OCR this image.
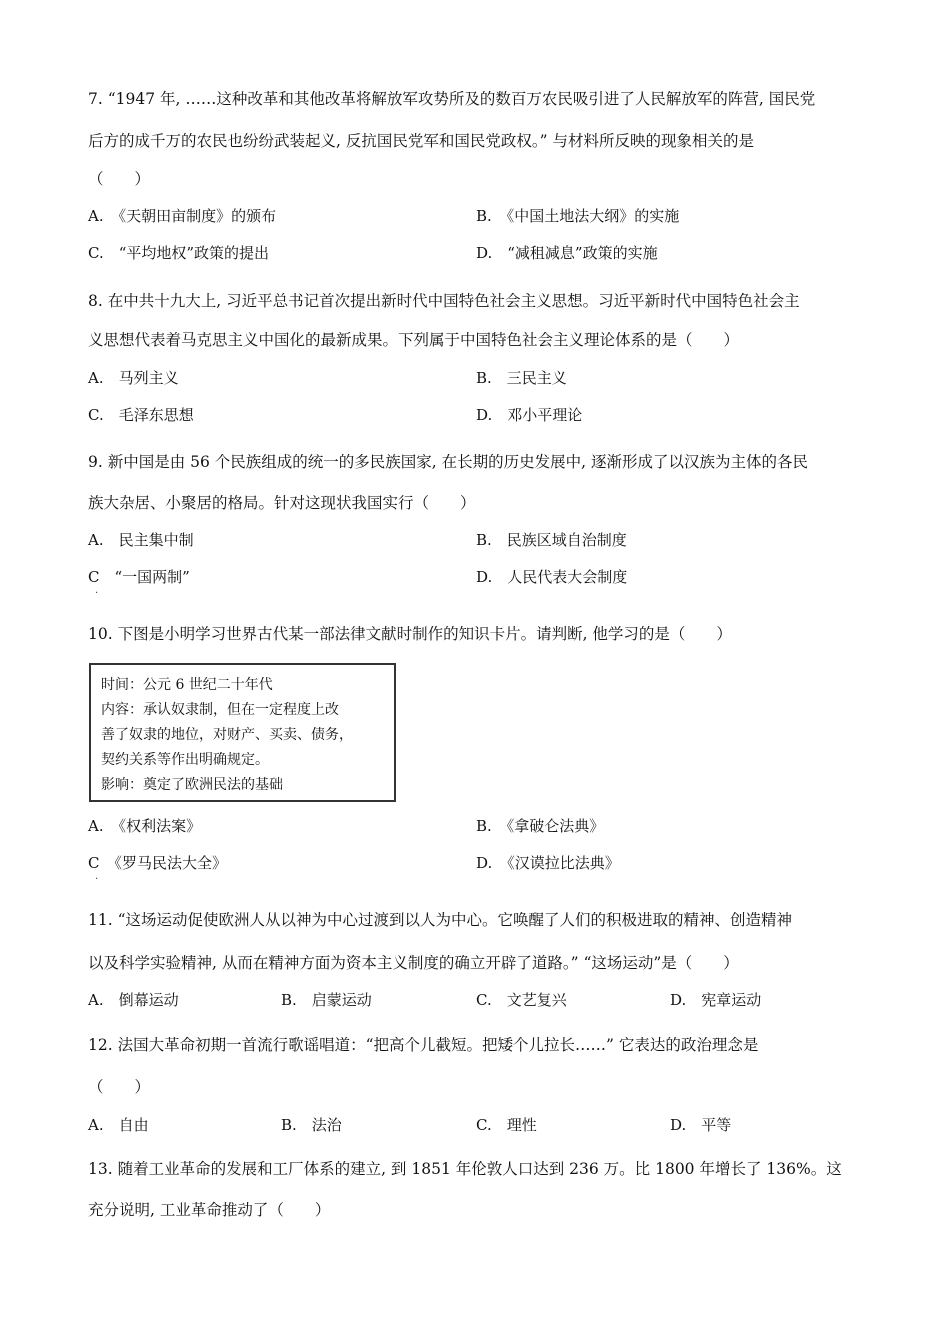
7. “1947 年, ……这种改革和其他改革将解放军攻势所及的数百万农民吸引进了人民解放军的阵营, 国民党
后方的成千万的农民也纷纷武装起义, 反抗国民党军和国民党政权。” 与材料所反映的现象相关的是
（　　）
A.　《天朝田亩制度》的颁布	B.　《中国土地法大纲》的实施
C.　“平均地权”政策的提出	D.　“减租减息”政策的实施
8. 在中共十九大上, 习近平总书记首次提出新时代中国特色社会主义思想。习近平新时代中国特色社会主
义思想代表着马克思主义中国化的最新成果。下列属于中国特色社会主义理论体系的是（　　）
A.　马列主义	B.　三民主义
C.　毛泽东思想	D.　邓小平理论
9. 新中国是由 56 个民族组成的统一的多民族国家, 在长期的历史发展中, 逐渐形成了以汉族为主体的各民
族大杂居、小聚居的格局。针对这现状我国实行（　　）
A.　民主集中制	B.　民族区域自治制度
C　“一国两制”	D.　人民代表大会制度
·
10. 下图是小明学习世界古代某一部法律文献时制作的知识卡片。请判断, 他学习的是（　　）
时间：公元 6 世纪二十年代
内容：承认奴隶制，但在一定程度上改
善了奴隶的地位，对财产、买卖、债务，
契约关系等作出明确规定。
影响：奠定了欧洲民法的基础
A.　《权利法案》	B.　《拿破仑法典》
C　《罗马民法大全》	D.　《汉谟拉比法典》
·
11. “这场运动促使欧洲人从以神为中心过渡到以人为中心。它唤醒了人们的积极进取的精神、创造精神
以及科学实验精神, 从而在精神方面为资本主义制度的确立开辟了道路。” “这场运动”是（　　）
A.　倒幕运动	B.　启蒙运动	C.　文艺复兴	D.　宪章运动
12. 法国大革命初期一首流行歌谣唱道：“把高个儿截短。把矮个儿拉长……” 它表达的政治理念是
（　　）
A.　自由	B.　法治	C.　理性	D.　平等
13. 随着工业革命的发展和工厂体系的建立, 到 1851 年伦敦人口达到 236 万。比 1800 年增长了 136%。这
充分说明, 工业革命推动了（　　）
